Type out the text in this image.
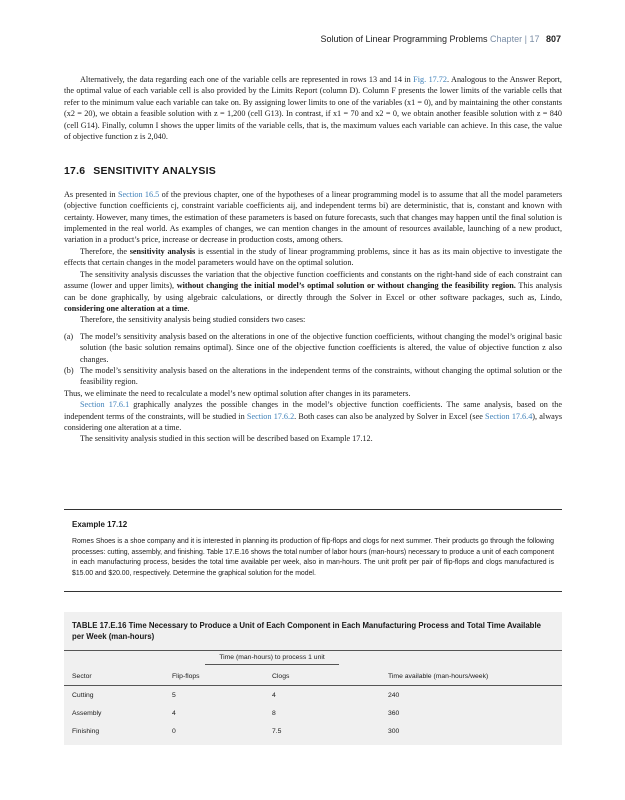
Solution of Linear Programming Problems Chapter | 17 807

Alternatively, the data regarding each one of the variable cells are represented in rows 13 and 14 in Fig. 17.72. Analogous to the Answer Report, the optimal value of each variable cell is also provided by the Limits Report (column D). Column F presents the lower limits of the variable cells that refer to the minimum value each variable can take on. By assigning lower limits to one of the variables (x1 = 0), and by maintaining the other constants (x2 = 20), we obtain a feasible solution with z = 1,200 (cell G13). In contrast, if x1 = 70 and x2 = 0, we obtain another feasible solution with z = 840 (cell G14). Finally, column I shows the upper limits of the variable cells, that is, the maximum values each variable can achieve. In this case, the value of objective function z is 2,040.

17.6 SENSITIVITY ANALYSIS

As presented in Section 16.5 of the previous chapter, one of the hypotheses of a linear programming model is to assume that all the model parameters (objective function coefficients cj, constraint variable coefficients aij, and independent terms bi) are deterministic, that is, constant and known with certainty. However, many times, the estimation of these parameters is based on future forecasts, such that changes may happen until the final solution is implemented in the real world. As examples of changes, we can mention changes in the amount of resources available, launching of a new product, variation in a product’s price, increase or decrease in production costs, among others.

Therefore, the sensitivity analysis is essential in the study of linear programming problems, since it has as its main objective to investigate the effects that certain changes in the model parameters would have on the optimal solution.

The sensitivity analysis discusses the variation that the objective function coefficients and constants on the right-hand side of each constraint can assume (lower and upper limits), without changing the initial model’s optimal solution or without changing the feasibility region. This analysis can be done graphically, by using algebraic calculations, or directly through the Solver in Excel or other software packages, such as, Lindo, considering one alteration at a time.

Therefore, the sensitivity analysis being studied considers two cases:

(a) The model’s sensitivity analysis based on the alterations in one of the objective function coefficients, without changing the model’s original basic solution (the basic solution remains optimal). Since one of the objective function coefficients is altered, the value of objective function z also changes.
(b) The model’s sensitivity analysis based on the alterations in the independent terms of the constraints, without changing the optimal solution or the feasibility region.

Thus, we eliminate the need to recalculate a model’s new optimal solution after changes in its parameters.

Section 17.6.1 graphically analyzes the possible changes in the model’s objective function coefficients. The same analysis, based on the independent terms of the constraints, will be studied in Section 17.6.2. Both cases can also be analyzed by Solver in Excel (see Section 17.6.4), always considering one alteration at a time.

The sensitivity analysis studied in this section will be described based on Example 17.12.

Example 17.12
Romes Shoes is a shoe company and it is interested in planning its production of flip-flops and clogs for next summer. Their products go through the following processes: cutting, assembly, and finishing. Table 17.E.16 shows the total number of labor hours (man-hours) necessary to produce a unit of each component in each manufacturing process, besides the total time available per week, also in man-hours. The unit profit per pair of flip-flops and clogs manufactured is $15.00 and $20.00, respectively. Determine the graphical solution for the model.
TABLE 17.E.16 Time Necessary to Produce a Unit of Each Component in Each Manufacturing Process and Total Time Available per Week (man-hours)
	Time (man-hours) to process 1 unit		
Sector	Flip-flops	Clogs	Time available (man-hours/week)
Cutting	5	4	240
Assembly	4	8	360
Finishing	0	7.5	300
